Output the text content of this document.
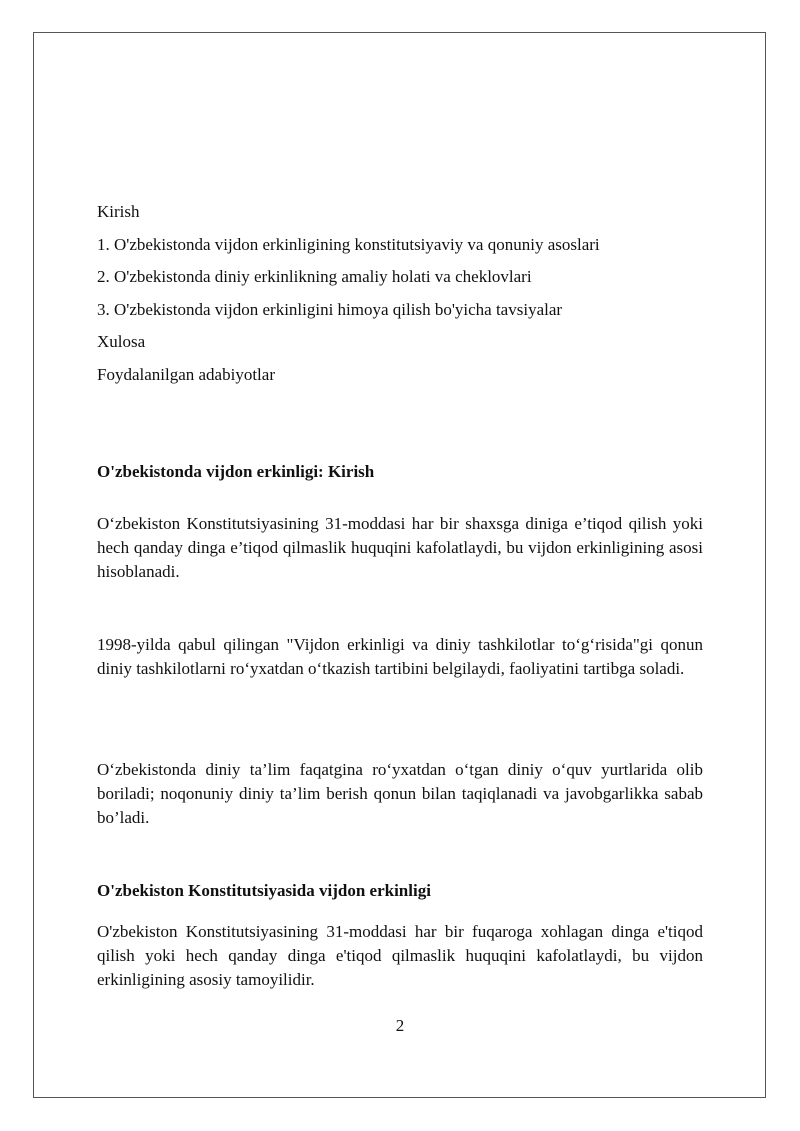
Kirish
1. O'zbekistonda vijdon erkinligining konstitutsiyaviy va qonuniy asoslari
2. O'zbekistonda diniy erkinlikning amaliy holati va cheklovlari
3. O'zbekistonda vijdon erkinligini himoya qilish bo'yicha tavsiyalar
Xulosa
Foydalanilgan adabiyotlar
O'zbekistonda vijdon erkinligi: Kirish

O‘zbekiston Konstitutsiyasining 31-moddasi har bir shaxsga diniga e’tiqod qilish yoki hech qanday dinga e’tiqod qilmaslik huquqini kafolatlaydi, bu vijdon erkinligining asosi hisoblanadi.

1998-yilda qabul qilingan "Vijdon erkinligi va diniy tashkilotlar to‘g‘risida"gi qonun diniy tashkilotlarni ro‘yxatdan o‘tkazish tartibini belgilaydi, faoliyatini tartibga soladi.

O‘zbekistonda diniy ta’lim faqatgina ro‘yxatdan o‘tgan diniy o‘quv yurtlarida olib boriladi; noqonuniy diniy ta’lim berish qonun bilan taqiqlanadi va javobgarlikka sabab bo’ladi.

O'zbekiston Konstitutsiyasida vijdon erkinligi

O'zbekiston Konstitutsiyasining 31-moddasi har bir fuqaroga xohlagan dinga e'tiqod qilish yoki hech qanday dinga e'tiqod qilmaslik huquqini kafolatlaydi, bu vijdon erkinligining asosiy tamoyilidir.

2
